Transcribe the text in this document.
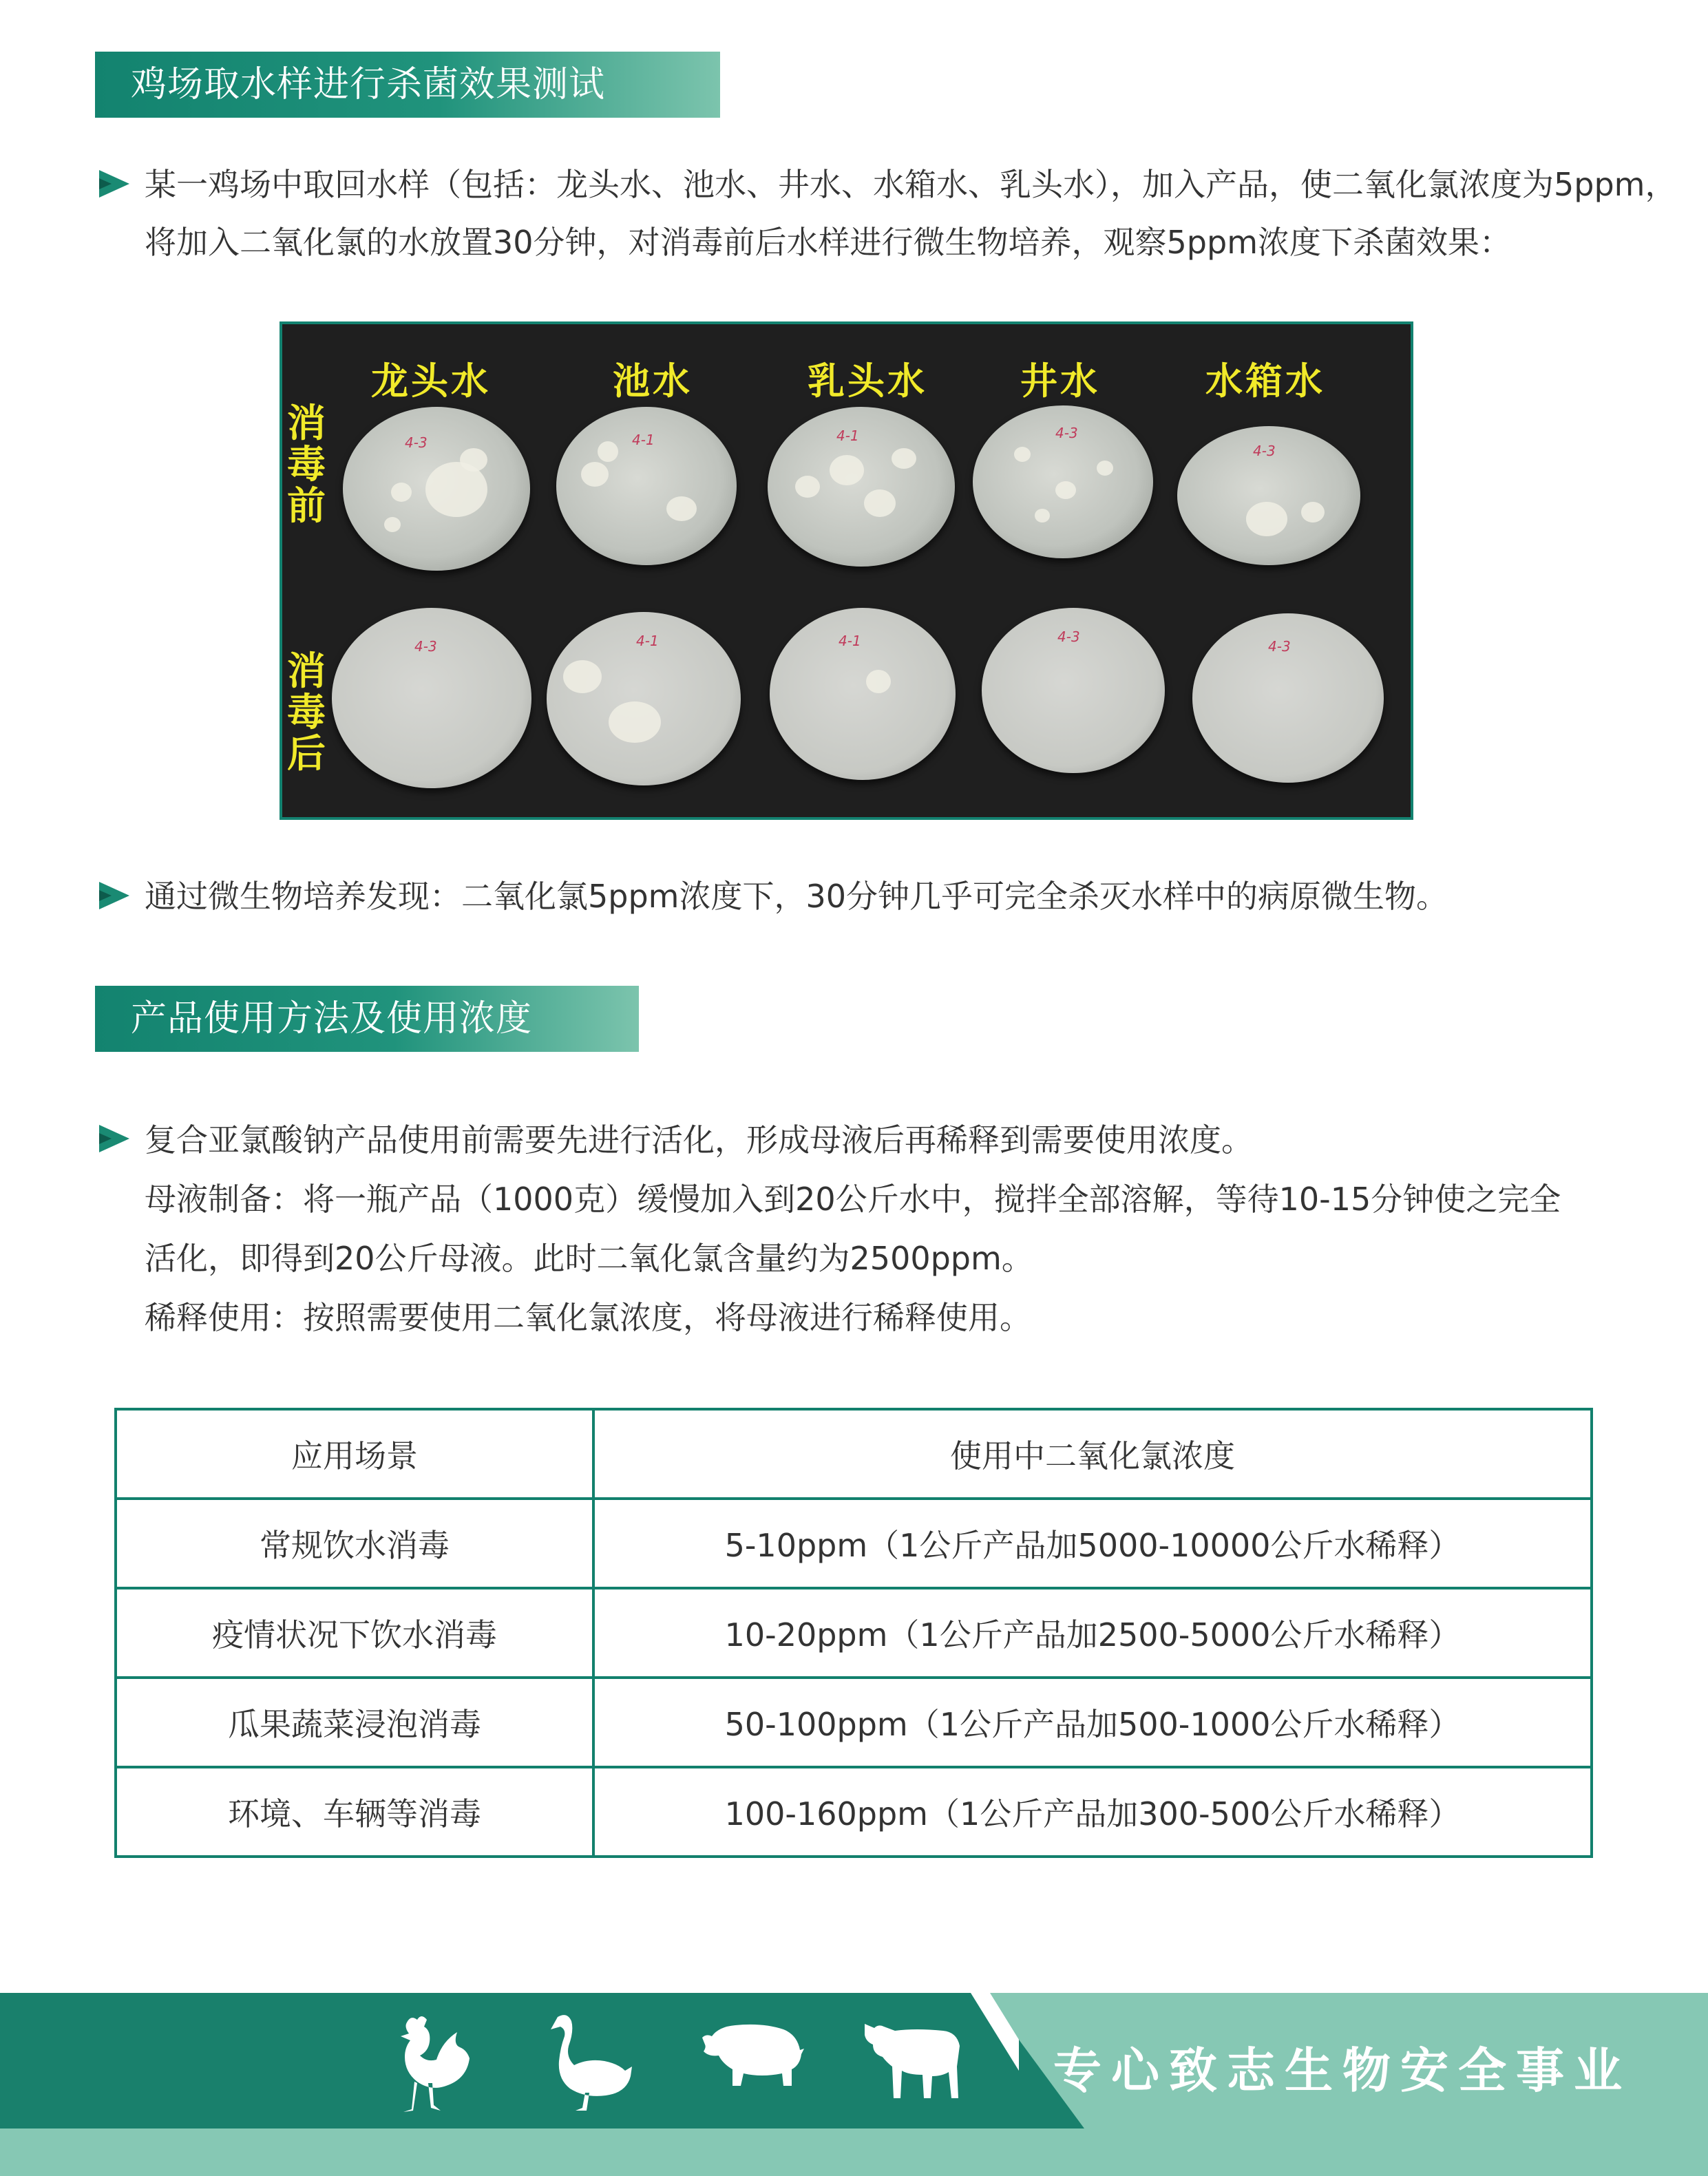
鸡场取水样进行杀菌效果测试
某一鸡场中取回水样（包括：龙头水、池水、井水、水箱水、乳头水），加入产品，使二氧化氯浓度为5ppm，
将加入二氧化氯的水放置30分钟，对消毒前后水样进行微生物培养，观察5ppm浓度下杀菌效果：
龙头水	池水	乳头水	井水	水箱水
消
毒
前
消
毒
后
4-3	4-1	4-1	4-3
4-3
4-3	4-1	4-1	4-3
4-3
通过微生物培养发现：二氧化氯5ppm浓度下，30分钟几乎可完全杀灭水样中的病原微生物。
产品使用方法及使用浓度
复合亚氯酸钠产品使用前需要先进行活化，形成母液后再稀释到需要使用浓度。
母液制备：将一瓶产品（1000克）缓慢加入到20公斤水中，搅拌全部溶解，等待10-15分钟使之完全
活化，即得到20公斤母液。此时二氧化氯含量约为2500ppm。
稀释使用：按照需要使用二氧化氯浓度，将母液进行稀释使用。
应用场景	使用中二氧化氯浓度
常规饮水消毒	5-10ppm（1公斤产品加5000-10000公斤水稀释）
疫情状况下饮水消毒	10-20ppm（1公斤产品加2500-5000公斤水稀释）
瓜果蔬菜浸泡消毒	50-100ppm（1公斤产品加500-1000公斤水稀释）
环境、车辆等消毒	100-160ppm（1公斤产品加300-500公斤水稀释）
专心致志生物安全事业
